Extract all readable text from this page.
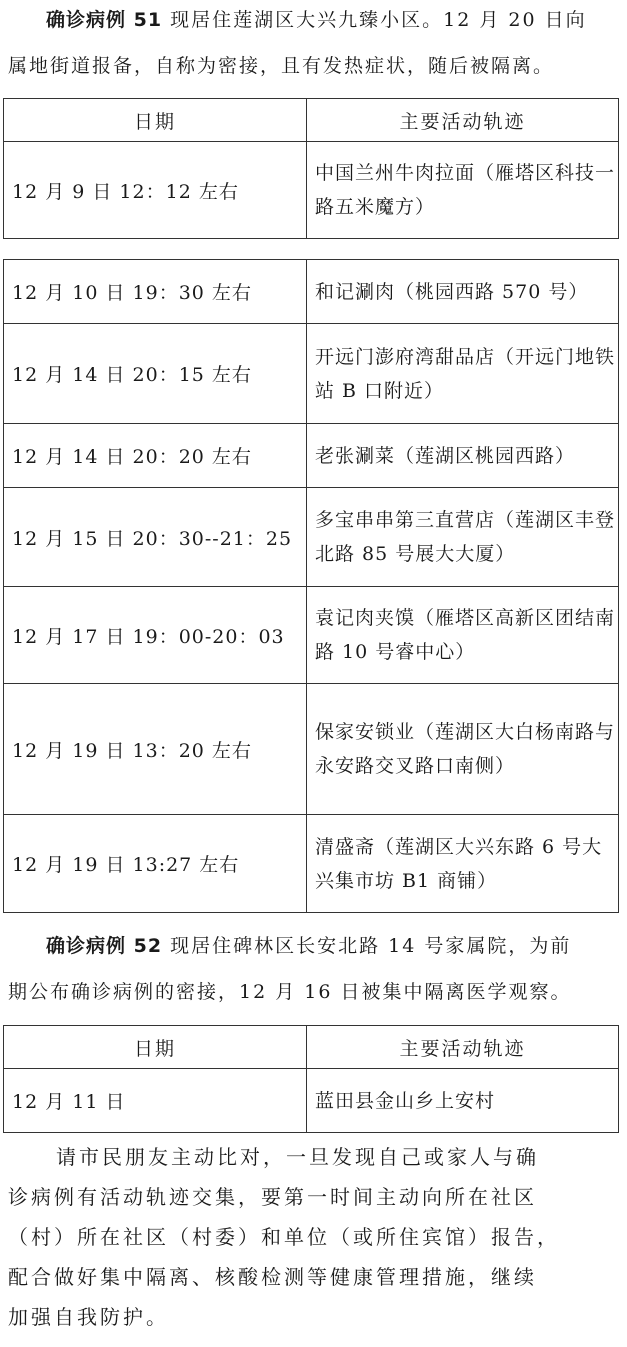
确诊病例 51 现居住莲湖区大兴九臻小区。12 月 20 日向
属地街道报备，自称为密接，且有发热症状，随后被隔离。
日期	主要活动轨迹
12 月 9 日 12：12 左右	中国兰州牛肉拉面（雁塔区科技一路五米魔方）
12 月 10 日 19：30 左右	和记涮肉（桃园西路 570 号）
12 月 14 日 20：15 左右	开远门澎府湾甜品店（开远门地铁站 B 口附近）
12 月 14 日 20：20 左右	老张涮菜（莲湖区桃园西路）
12 月 15 日 20：30--21：25	多宝串串第三直营店（莲湖区丰登北路 85 号展大大厦）
12 月 17 日 19：00-20：03	袁记肉夹馍（雁塔区高新区团结南路 10 号睿中心）
12 月 19 日 13：20 左右	保家安锁业（莲湖区大白杨南路与永安路交叉路口南侧）
12 月 19 日 13:27 左右	清盛斋（莲湖区大兴东路 6 号大兴集市坊 B1 商铺）
确诊病例 52 现居住碑林区长安北路 14 号家属院，为前
期公布确诊病例的密接，12 月 16 日被集中隔离医学观察。
日期	主要活动轨迹
12 月 11 日	蓝田县金山乡上安村
请市民朋友主动比对，一旦发现自己或家人与确
诊病例有活动轨迹交集，要第一时间主动向所在社区
（村）所在社区（村委）和单位（或所住宾馆）报告，
配合做好集中隔离、核酸检测等健康管理措施，继续
加强自我防护。
